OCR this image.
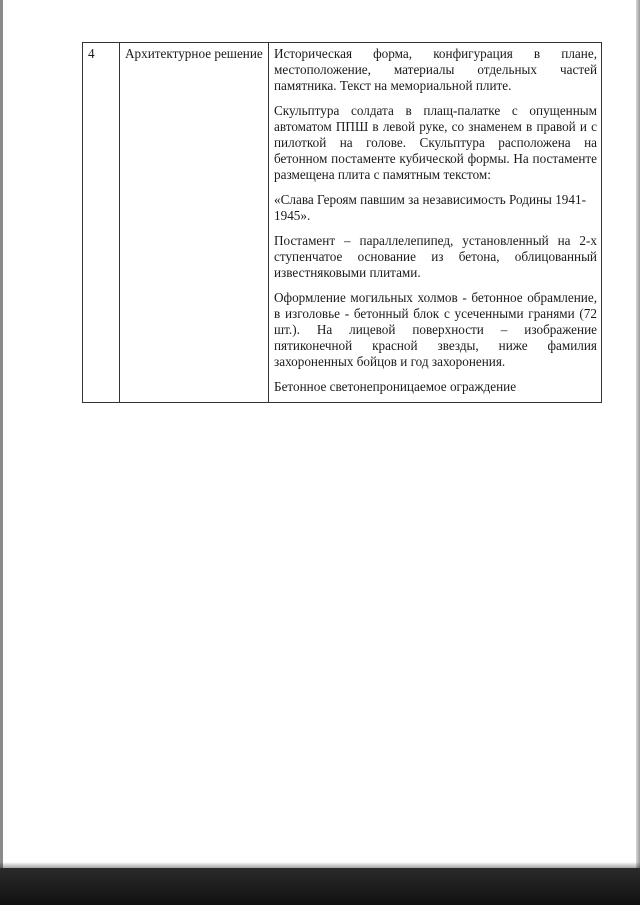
4	Архитектурное решение	Историческая форма, конфигурация в плане, местоположение, материалы отдельных частей памятника. Текст на мемориальной плите.

Скульптура солдата в плащ-палатке с опущенным автоматом ППШ в левой руке, со знаменем в правой и с пилоткой на голове. Скульптура расположена на бетонном постаменте кубической формы. На постаменте размещена плита с памятным текстом:

«Слава Героям павшим за независимость Родины 1941-1945».

Постамент – параллелепипед, установленный на 2-х ступенчатое основание из бетона, облицованный известняковыми плитами.

Оформление могильных холмов - бетонное обрамление, в изголовье - бетонный блок с усеченными гранями (72 шт.). На лицевой поверхности – изображение пятиконечной красной звезды, ниже фамилия захороненных бойцов и год захоронения.

Бетонное светонепроницаемое ограждение
